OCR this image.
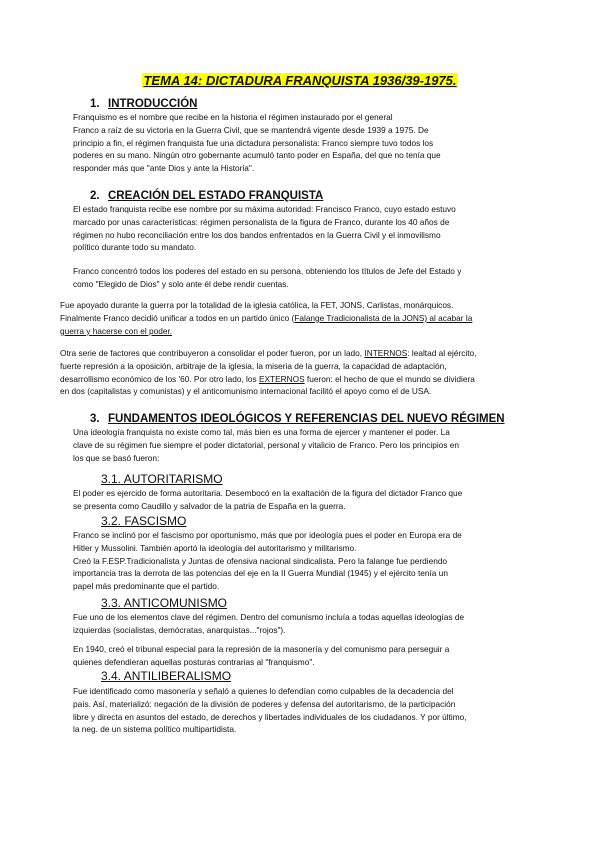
TEMA 14: DICTADURA FRANQUISTA 1936/39-1975.
1. INTRODUCCIÓN

Franquismo es el nombre que recibe en la historia el régimen instaurado por el general

Franco a raíz de su victoria en la Guerra Civil, que se mantendrá vigente desde 1939 a 1975. De

principio a fin, el régimen franquista fue una dictadura personalista: Franco siempre tuvo todos los

poderes en su mano. Ningún otro gobernante acumuló tanto poder en España, del que no tenía que

responder más que "ante Dios y ante la Historia".

2. CREACIÓN DEL ESTADO FRANQUISTA

El estado franquista recibe ese nombre por su máxima autoridad: Francisco Franco, cuyo estado estuvo

marcado por unas características: régimen personalista de la figura de Franco, durante los 40 años de

régimen no hubo reconciliación entre los dos bandos enfrentados en la Guerra Civil y el inmovilismo

político durante todo su mandato.

Franco concentró todos los poderes del estado en su persona, obteniendo los títulos de Jefe del Estado y

como "Elegido de Dios" y solo ante él debe rendir cuentas.

Fue apoyado durante la guerra por la totalidad de la iglesia católica, la FET, JONS, Carlistas, monárquicos.

Finalmente Franco decidió unificar a todos en un partido único (Falange Tradicionalista de la JONS) al acabar la

guerra y hacerse con el poder.

Otra serie de factores que contribuyeron a consolidar el poder fueron, por un lado, INTERNOS: lealtad al ejército,

fuerte represión a la oposición, arbitraje de la iglesia, la miseria de la guerra, la capacidad de adaptación,

desarrollismo económico de los '60. Por otro lado, los EXTERNOS fueron: el hecho de que el mundo se dividiera

en dos (capitalistas y comunistas) y el anticomunismo internacional facilitó el apoyo como el de USA.

3. FUNDAMENTOS IDEOLÓGICOS Y REFERENCIAS DEL NUEVO RÉGIMEN

Una ideología franquista no existe como tal, más bien es una forma de ejercer y mantener el poder. La

clave de su régimen fue siempre el poder dictatorial, personal y vitalicio de Franco. Pero los principios en

los que se basó fueron:

3.1. AUTORITARISMO

El poder es ejercido de forma autoritaria. Desembocó en la exaltación de la figura del dictador Franco que

se presenta como Caudillo y salvador de la patria de España en la guerra.

3.2. FASCISMO

Franco se inclinó por el fascismo por oportunismo, más que por ideología pues el poder en Europa era de

Hitler y Mussolini. También aportó la ideología del autoritarismo y militarismo.

Creó la F.ESP.Tradicionalista y Juntas de ofensiva nacional sindicalista. Pero la falange fue perdiendo

importancia tras la derrota de las potencias del eje en la II Guerra Mundial (1945) y el ejército tenía un

papel más predominante que el partido.

3.3. ANTICOMUNISMO

Fue uno de los elementos clave del régimen. Dentro del comunismo incluía a todas aquellas ideologías de

izquierdas (socialistas, demócratas, anarquistas..."rojos").

En 1940, creó el tribunal especial para la represión de la masonería y del comunismo para perseguir a

quienes defendieran aquellas posturas contrarias al "franquismo".

3.4. ANTILIBERALISMO

Fue identificado como masonería y señaló a quienes lo defendían como culpables de la decadencia del

país. Así, materializó: negación de la división de poderes y defensa del autoritarismo, de la participación

libre y directa en asuntos del estado, de derechos y libertades individuales de los ciudadanos. Y por último,

la neg. de un sistema político multipartidista.
